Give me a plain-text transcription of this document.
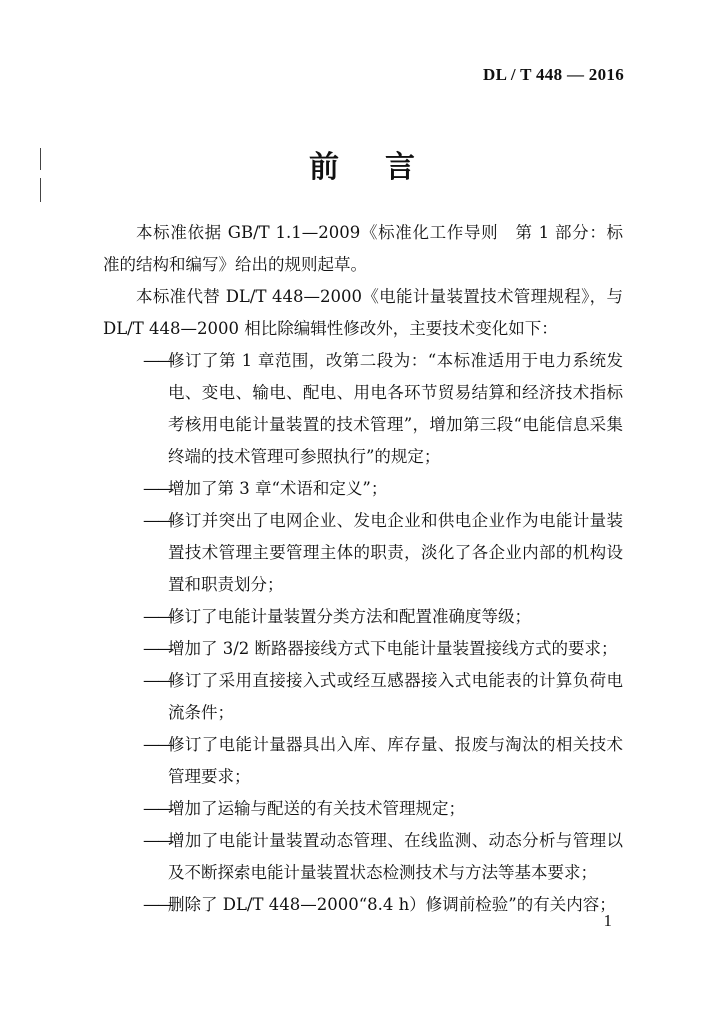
DL / T 448 — 2016
前言

本标准依据 GB/T 1.1—2009《标准化工作导则　第 1 部分：标准的结构和编写》给出的规则起草。

本标准代替 DL/T 448—2000《电能计量装置技术管理规程》，与 DL/T 448—2000 相比除编辑性修改外，主要技术变化如下：

——
修订了第 1 章范围，改第二段为：“本标准适用于电力系统发电、变电、输电、配电、用电各环节贸易结算和经济技术指标考核用电能计量装置的技术管理”，增加第三段“电能信息采集终端的技术管理可参照执行”的规定；
——
增加了第 3 章“术语和定义”；
——
修订并突出了电网企业、发电企业和供电企业作为电能计量装置技术管理主要管理主体的职责，淡化了各企业内部的机构设置和职责划分；
——
修订了电能计量装置分类方法和配置准确度等级；
——
增加了 3/2 断路器接线方式下电能计量装置接线方式的要求；
——
修订了采用直接接入式或经互感器接入式电能表的计算负荷电流条件；
——
修订了电能计量器具出入库、库存量、报废与淘汰的相关技术管理要求；
——
增加了运输与配送的有关技术管理规定；
——
增加了电能计量装置动态管理、在线监测、动态分析与管理以及不断探索电能计量装置状态检测技术与方法等基本要求；
——
删除了 DL/T 448—2000“8.4 h）修调前检验”的有关内容；
1
